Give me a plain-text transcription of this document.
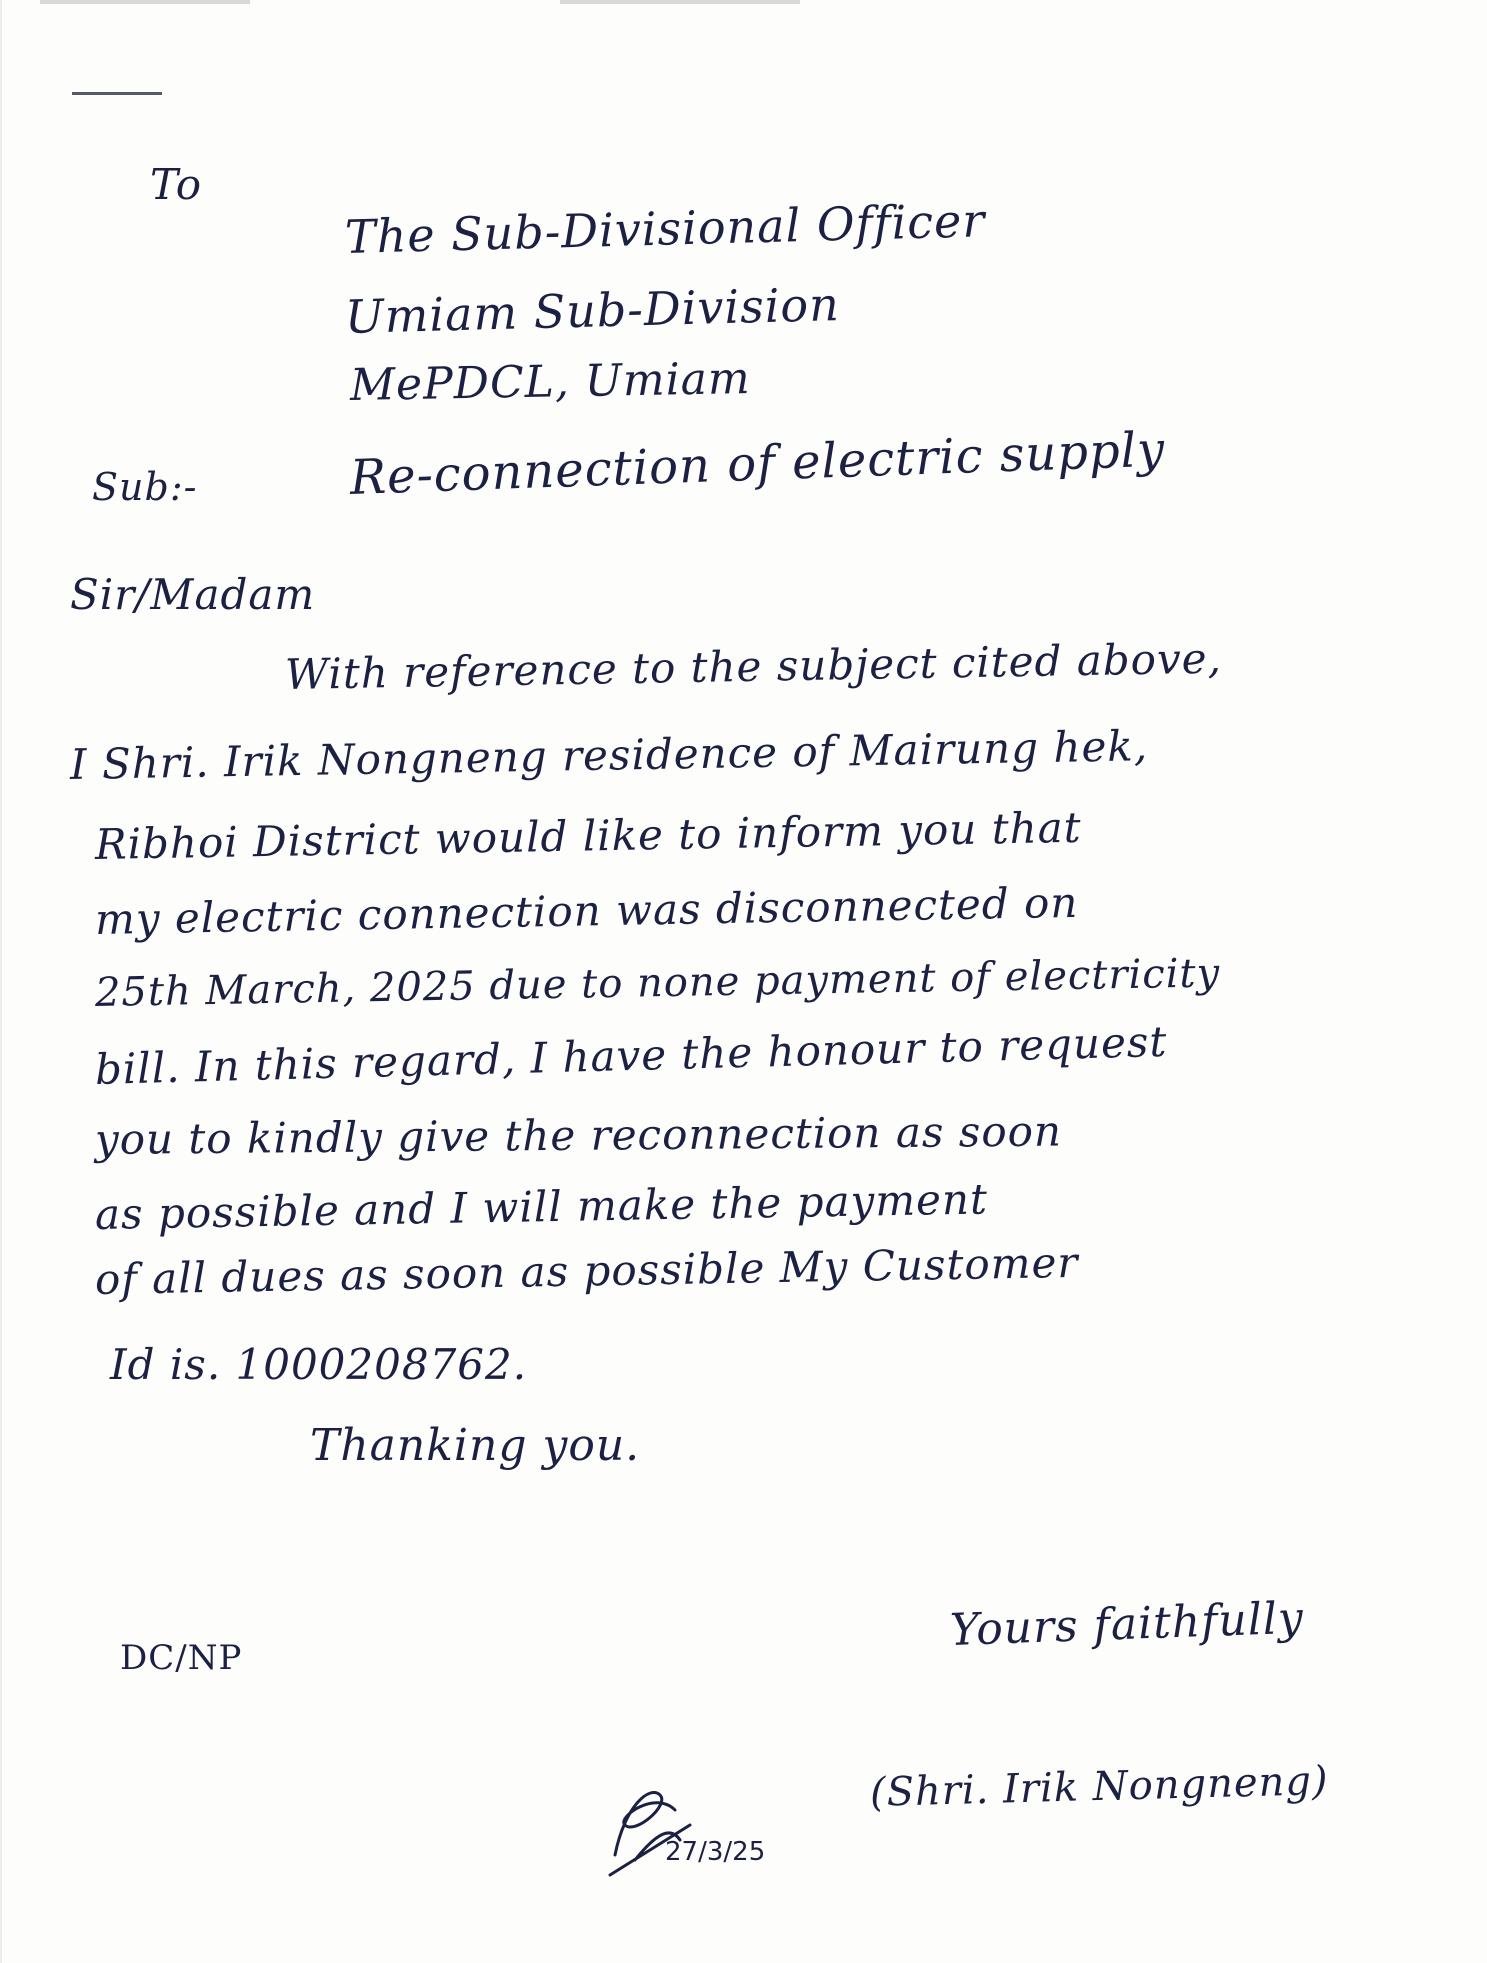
To
The Sub-Divisional Officer
Umiam Sub-Division
MePDCL, Umiam
Sub:-	Re-connection of electric supply
Sir/Madam
With reference to the subject cited above,
I Shri. Irik Nongneng residence of Mairung hek,
Ribhoi District would like to inform you that
my electric connection was disconnected on
25th March, 2025 due to none payment of electricity
bill. In this regard, I have the honour to request
you to kindly give the reconnection as soon
as possible and I will make the payment
of all dues as soon as possible My Customer
Id is. 1000208762.
Thanking you.
DC/NP
Yours faithfully
27/3/25
(Shri. Irik Nongneng)
